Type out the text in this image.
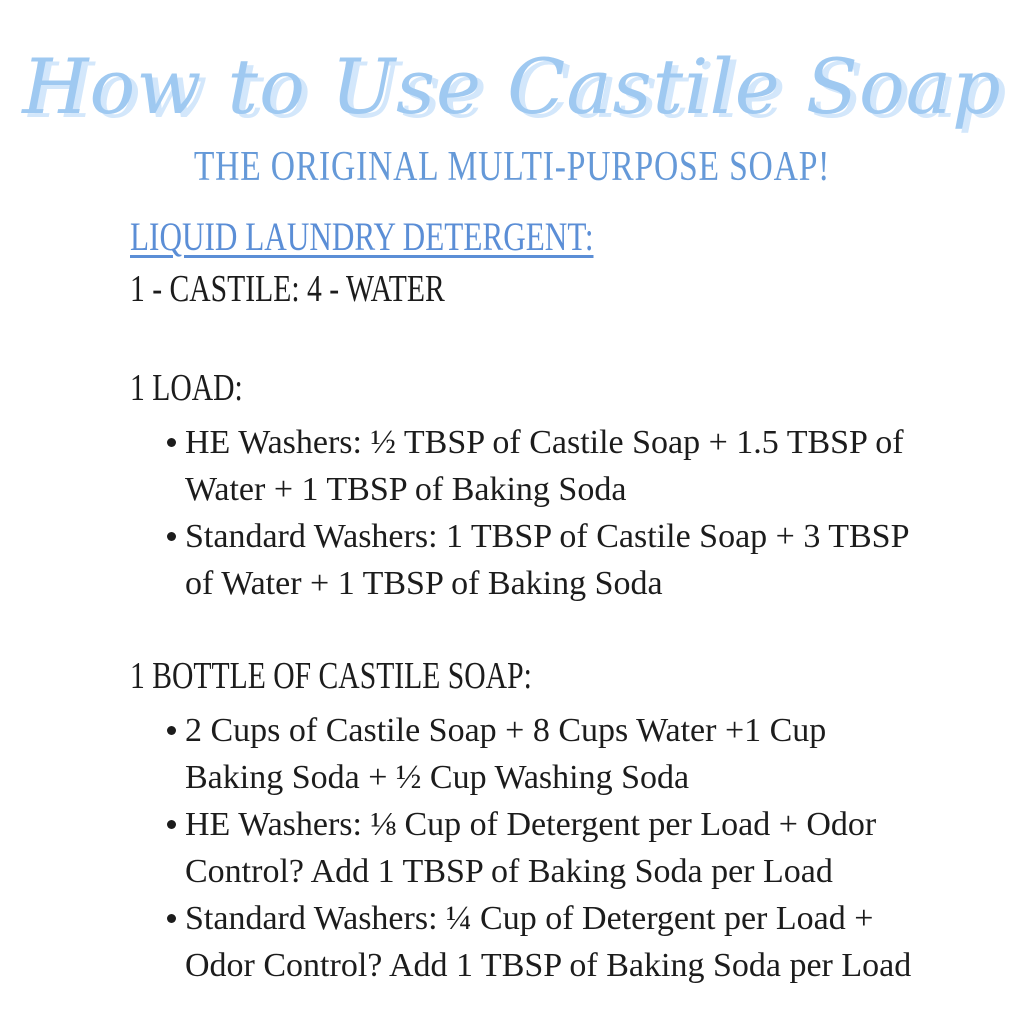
How to Use Castile Soap
THE ORIGINAL MULTI-PURPOSE SOAP!
LIQUID LAUNDRY DETERGENT:
1 - CASTILE: 4 - WATER
1 LOAD:
HE Washers: ½ TBSP of Castile Soap + 1.5 TBSP of Water + 1 TBSP of Baking Soda
Standard Washers: 1 TBSP of Castile Soap + 3 TBSP of Water + 1 TBSP of Baking Soda
1 BOTTLE OF CASTILE SOAP:
2 Cups of Castile Soap + 8 Cups Water +1 Cup Baking Soda + ½ Cup Washing Soda
HE Washers: ⅛ Cup of Detergent per Load + Odor Control? Add 1 TBSP of Baking Soda per Load
Standard Washers: ¼ Cup of Detergent per Load + Odor Control? Add 1 TBSP of Baking Soda per Load
